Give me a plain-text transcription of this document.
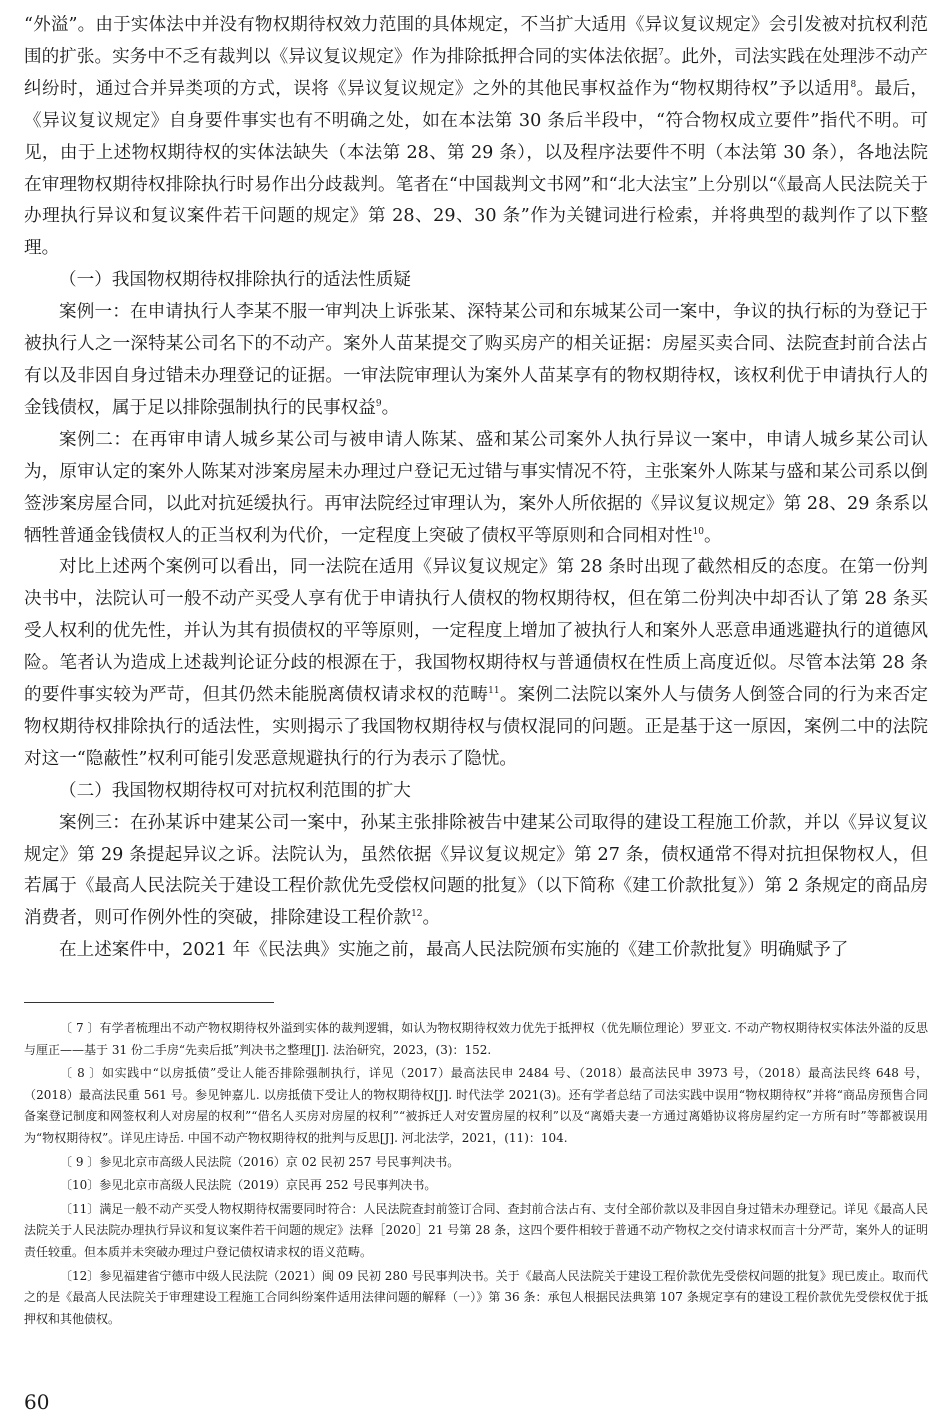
“外溢”。由于实体法中并没有物权期待权效力范围的具体规定，不当扩大适用《异议复议规定》会引发被对抗权利范围的扩张。实务中不乏有裁判以《异议复议规定》作为排除抵押合同的实体法依据$^7$。此外，司法实践在处理涉不动产纠纷时，通过合并异类项的方式，误将《异议复议规定》之外的其他民事权益作为“物权期待权”予以适用$^8$。最后，《异议复议规定》自身要件事实也有不明确之处，如在本法第 30 条后半段中，“符合物权成立要件”指代不明。可见，由于上述物权期待权的实体法缺失（本法第 28、第 29 条），以及程序法要件不明（本法第 30 条），各地法院在审理物权期待权排除执行时易作出分歧裁判。笔者在“中国裁判文书网”和“北大法宝”上分别以“《最高人民法院关于办理执行异议和复议案件若干问题的规定》第 28、29、30 条”作为关键词进行检索，并将典型的裁判作了以下整理。

（一）我国物权期待权排除执行的适法性质疑

案例一：在申请执行人李某不服一审判决上诉张某、深特某公司和东城某公司一案中，争议的执行标的为登记于被执行人之一深特某公司名下的不动产。案外人苗某提交了购买房产的相关证据：房屋买卖合同、法院查封前合法占有以及非因自身过错未办理登记的证据。一审法院审理认为案外人苗某享有的物权期待权，该权利优于申请执行人的金钱债权，属于足以排除强制执行的民事权益$^9$。

案例二：在再审申请人城乡某公司与被申请人陈某、盛和某公司案外人执行异议一案中，申请人城乡某公司认为，原审认定的案外人陈某对涉案房屋未办理过户登记无过错与事实情况不符，主张案外人陈某与盛和某公司系以倒签涉案房屋合同，以此对抗延缓执行。再审法院经过审理认为，案外人所依据的《异议复议规定》第 28、29 条系以牺牲普通金钱债权人的正当权利为代价，一定程度上突破了债权平等原则和合同相对性$^{10}$。

对比上述两个案例可以看出，同一法院在适用《异议复议规定》第 28 条时出现了截然相反的态度。在第一份判决书中，法院认可一般不动产买受人享有优于申请执行人债权的物权期待权，但在第二份判决中却否认了第 28 条买受人权利的优先性，并认为其有损债权的平等原则，一定程度上增加了被执行人和案外人恶意串通逃避执行的道德风险。笔者认为造成上述裁判论证分歧的根源在于，我国物权期待权与普通债权在性质上高度近似。尽管本法第 28 条的要件事实较为严苛，但其仍然未能脱离债权请求权的范畴$^{11}$。案例二法院以案外人与债务人倒签合同的行为来否定物权期待权排除执行的适法性，实则揭示了我国物权期待权与债权混同的问题。正是基于这一原因，案例二中的法院对这一“隐蔽性”权利可能引发恶意规避执行的行为表示了隐忧。

（二）我国物权期待权可对抗权利范围的扩大

案例三：在孙某诉中建某公司一案中，孙某主张排除被告中建某公司取得的建设工程施工价款，并以《异议复议规定》第 29 条提起异议之诉。法院认为，虽然依据《异议复议规定》第 27 条，债权通常不得对抗担保物权人，但若属于《最高人民法院关于建设工程价款优先受偿权问题的批复》（以下简称《建工价款批复》）第 2 条规定的商品房消费者，则可作例外性的突破，排除建设工程价款$^{12}$。

在上述案件中，2021 年《民法典》实施之前，最高人民法院颁布实施的《建工价款批复》明确赋予了

〔 7 〕有学者梳理出不动产物权期待权外溢到实体的裁判逻辑，如认为物权期待权效力优先于抵押权（优先顺位理论）罗亚文. 不动产物权期待权实体法外溢的反思与厘正——基于 31 份二手房“先卖后抵”判决书之整理[J]. 法治研究，2023，(3)：152.

〔 8 〕如实践中“以房抵债”受让人能否排除强制执行，详见（2017）最高法民申 2484 号、（2018）最高法民申 3973 号，（2018）最高法民终 648 号，（2018）最高法民重 561 号。参见钟嘉儿. 以房抵债下受让人的物权期待权[J]. 时代法学 2021(3)。还有学者总结了司法实践中误用“物权期待权”并将“商品房预售合同备案登记制度和网签权利人对房屋的权利”“借名人买房对房屋的权利”“被拆迁人对安置房屋的权利”以及“离婚夫妻一方通过离婚协议将房屋约定一方所有时”等都被误用为“物权期待权”。详见庄诗岳. 中国不动产物权期待权的批判与反思[J]. 河北法学，2021，(11)：104.

〔 9 〕参见北京市高级人民法院（2016）京 02 民初 257 号民事判决书。

〔10〕参见北京市高级人民法院（2019）京民再 252 号民事判决书。

〔11〕满足一般不动产买受人物权期待权需要同时符合：人民法院查封前签订合同、查封前合法占有、支付全部价款以及非因自身过错未办理登记。详见《最高人民法院关于人民法院办理执行异议和复议案件若干问题的规定》法释［2020］21 号第 28 条，这四个要件相较于普通不动产物权之交付请求权而言十分严苛，案外人的证明责任较重。但本质并未突破办理过户登记债权请求权的语义范畴。

〔12〕参见福建省宁德市中级人民法院（2021）闽 09 民初 280 号民事判决书。关于《最高人民法院关于建设工程价款优先受偿权问题的批复》现已废止。取而代之的是《最高人民法院关于审理建设工程施工合同纠纷案件适用法律问题的解释（一）》第 36 条：承包人根据民法典第 107 条规定享有的建设工程价款优先受偿权优于抵押权和其他债权。

60
